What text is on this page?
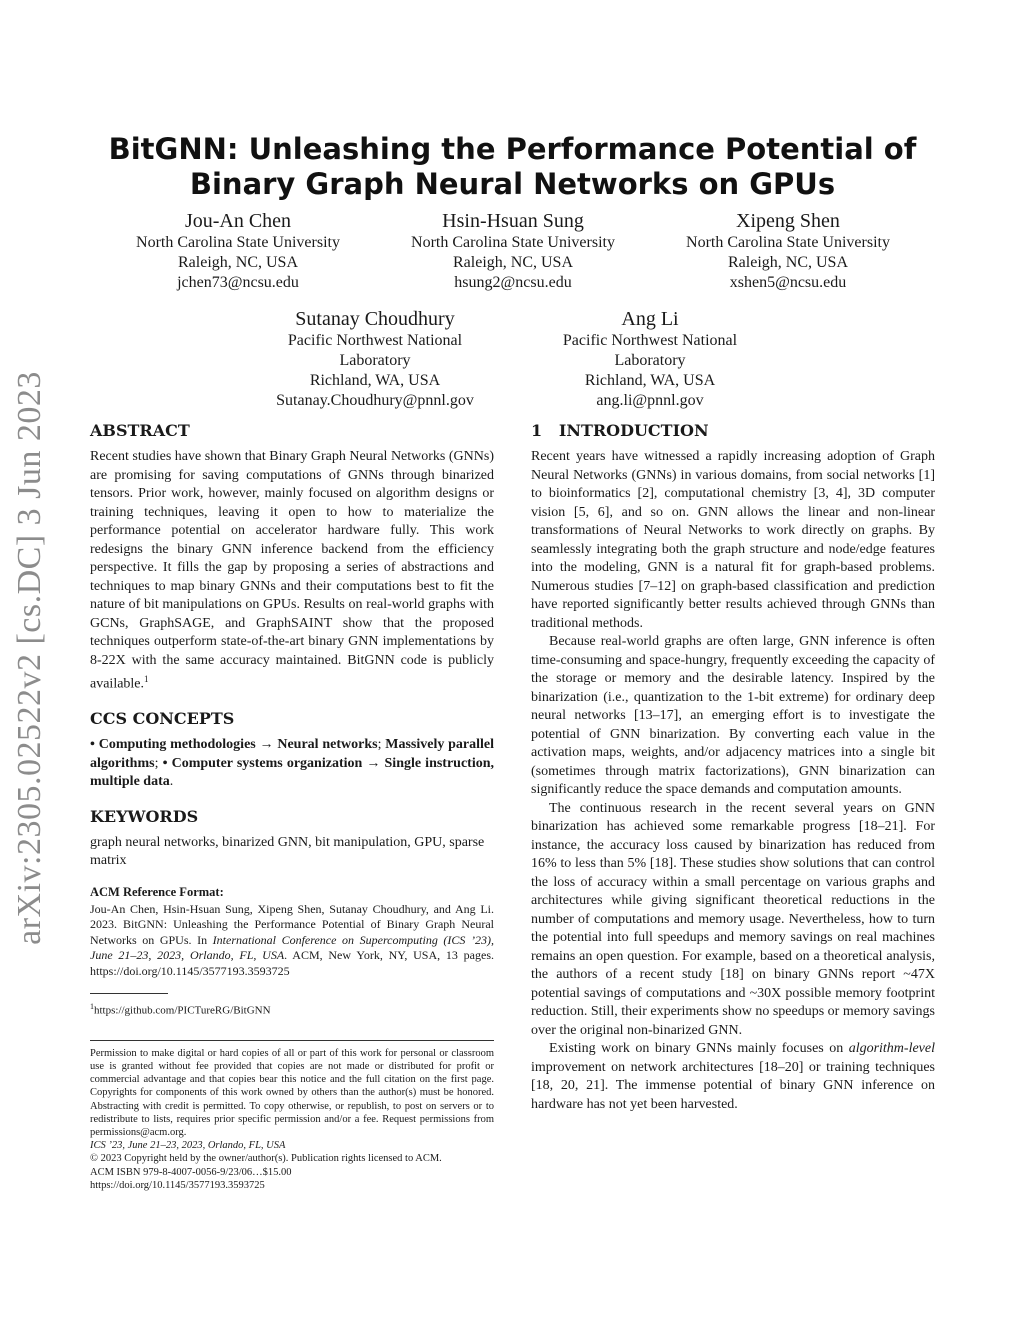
arXiv:2305.02522v2 [cs.DC] 3 Jun 2023
BitGNN: Unleashing the Performance Potential of Binary Graph Neural Networks on GPUs
Jou-An Chen
North Carolina State University
Raleigh, NC, USA
jchen73@ncsu.edu
Hsin-Hsuan Sung
North Carolina State University
Raleigh, NC, USA
hsung2@ncsu.edu
Xipeng Shen
North Carolina State University
Raleigh, NC, USA
xshen5@ncsu.edu
Sutanay Choudhury
Pacific Northwest National
Laboratory
Richland, WA, USA
Sutanay.Choudhury@pnnl.gov
Ang Li
Pacific Northwest National
Laboratory
Richland, WA, USA
ang.li@pnnl.gov
ABSTRACT

Recent studies have shown that Binary Graph Neural Networks (GNNs) are promising for saving computations of GNNs through binarized tensors. Prior work, however, mainly focused on algorithm designs or training techniques, leaving it open to how to materialize the performance potential on accelerator hardware fully. This work redesigns the binary GNN inference backend from the efficiency perspective. It fills the gap by proposing a series of abstractions and techniques to map binary GNNs and their computations best to fit the nature of bit manipulations on GPUs. Results on real-world graphs with GCNs, GraphSAGE, and GraphSAINT show that the proposed techniques outperform state-of-the-art binary GNN implementations by 8-22X with the same accuracy maintained. BitGNN code is publicly available.$^1$

CCS CONCEPTS

• Computing methodologies → Neural networks; Massively parallel algorithms; • Computer systems organization → Single instruction, multiple data.

KEYWORDS

graph neural networks, binarized GNN, bit manipulation, GPU, sparse matrix

ACM Reference Format:

Jou-An Chen, Hsin-Hsuan Sung, Xipeng Shen, Sutanay Choudhury, and Ang Li. 2023. BitGNN: Unleashing the Performance Potential of Binary Graph Neural Networks on GPUs. In International Conference on Supercomputing (ICS ’23), June 21–23, 2023, Orlando, FL, USA. ACM, New York, NY, USA, 13 pages. https://doi.org/10.1145/3577193.3593725

$^1$https://github.com/PICTureRG/BitGNN

Permission to make digital or hard copies of all or part of this work for personal or classroom use is granted without fee provided that copies are not made or distributed for profit or commercial advantage and that copies bear this notice and the full citation on the first page. Copyrights for components of this work owned by others than the author(s) must be honored. Abstracting with credit is permitted. To copy otherwise, or republish, to post on servers or to redistribute to lists, requires prior specific permission and/or a fee. Request permissions from permissions@acm.org.

ICS ’23, June 21–23, 2023, Orlando, FL, USA

© 2023 Copyright held by the owner/author(s). Publication rights licensed to ACM.

ACM ISBN 979-8-4007-0056-9/23/06…$15.00

https://doi.org/10.1145/3577193.3593725

1   INTRODUCTION

Recent years have witnessed a rapidly increasing adoption of Graph Neural Networks (GNNs) in various domains, from social networks [1] to bioinformatics [2], computational chemistry [3, 4], 3D computer vision [5, 6], and so on. GNN allows the linear and non-linear transformations of Neural Networks to work directly on graphs. By seamlessly integrating both the graph structure and node/edge features into the modeling, GNN is a natural fit for graph-based problems. Numerous studies [7–12] on graph-based classification and prediction have reported significantly better results achieved through GNNs than traditional methods.

Because real-world graphs are often large, GNN inference is often time-consuming and space-hungry, frequently exceeding the capacity of the storage or memory and the desirable latency. Inspired by the binarization (i.e., quantization to the 1-bit extreme) for ordinary deep neural networks [13–17], an emerging effort is to investigate the potential of GNN binarization. By converting each value in the activation maps, weights, and/or adjacency matrices into a single bit (sometimes through matrix factorizations), GNN binarization can significantly reduce the space demands and computation amounts.

The continuous research in the recent several years on GNN binarization has achieved some remarkable progress [18–21]. For instance, the accuracy loss caused by binarization has reduced from 16% to less than 5% [18]. These studies show solutions that can control the loss of accuracy within a small percentage on various graphs and architectures while giving significant theoretical reductions in the number of computations and memory usage. Nevertheless, how to turn the potential into full speedups and memory savings on real machines remains an open question. For example, based on a theoretical analysis, the authors of a recent study [18] on binary GNNs report ~47X potential savings of computations and ~30X possible memory footprint reduction. Still, their experiments show no speedups or memory savings over the original non-binarized GNN.

Existing work on binary GNNs mainly focuses on algorithm-level improvement on network architectures [18–20] or training techniques [18, 20, 21]. The immense potential of binary GNN inference on hardware has not yet been harvested.
